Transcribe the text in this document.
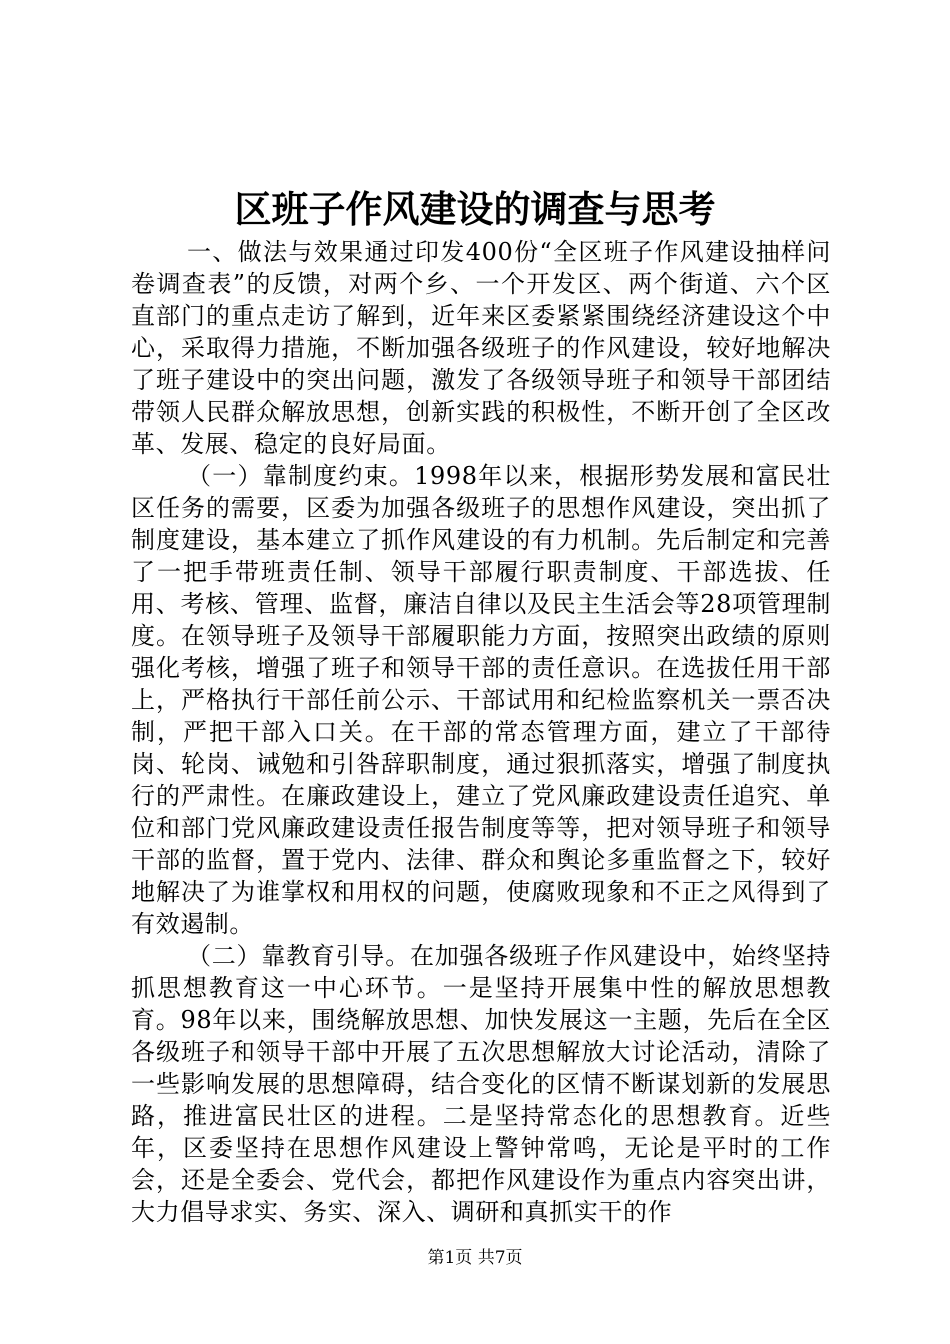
区班子作风建设的调查与思考

一、做法与效果通过印发400份“全区班子作风建设抽样问卷调查表”的反馈，对两个乡、一个开发区、两个街道、六个区直部门的重点走访了解到，近年来区委紧紧围绕经济建设这个中心，采取得力措施，不断加强各级班子的作风建设，较好地解决了班子建设中的突出问题，激发了各级领导班子和领导干部团结带领人民群众解放思想，创新实践的积极性，不断开创了全区改革、发展、稳定的良好局面。

（一）靠制度约束。1998年以来，根据形势发展和富民壮区任务的需要，区委为加强各级班子的思想作风建设，突出抓了制度建设，基本建立了抓作风建设的有力机制。先后制定和完善了一把手带班责任制、领导干部履行职责制度、干部选拔、任用、考核、管理、监督，廉洁自律以及民主生活会等28项管理制度。在领导班子及领导干部履职能力方面，按照突出政绩的原则强化考核，增强了班子和领导干部的责任意识。在选拔任用干部上，严格执行干部任前公示、干部试用和纪检监察机关一票否决制，严把干部入口关。在干部的常态管理方面，建立了干部待岗、轮岗、诫勉和引咎辞职制度，通过狠抓落实，增强了制度执行的严肃性。在廉政建设上，建立了党风廉政建设责任追究、单位和部门党风廉政建设责任报告制度等等，把对领导班子和领导干部的监督，置于党内、法律、群众和舆论多重监督之下，较好地解决了为谁掌权和用权的问题，使腐败现象和不正之风得到了有效遏制。

（二）靠教育引导。在加强各级班子作风建设中，始终坚持抓思想教育这一中心环节。一是坚持开展集中性的解放思想教育。98年以来，围绕解放思想、加快发展这一主题，先后在全区各级班子和领导干部中开展了五次思想解放大讨论活动，清除了一些影响发展的思想障碍，结合变化的区情不断谋划新的发展思路，推进富民壮区的进程。二是坚持常态化的思想教育。近些年，区委坚持在思想作风建设上警钟常鸣，无论是平时的工作会，还是全委会、党代会，都把作风建设作为重点内容突出讲，大力倡导求实、务实、深入、调研和真抓实干的作

第1页 共7页
